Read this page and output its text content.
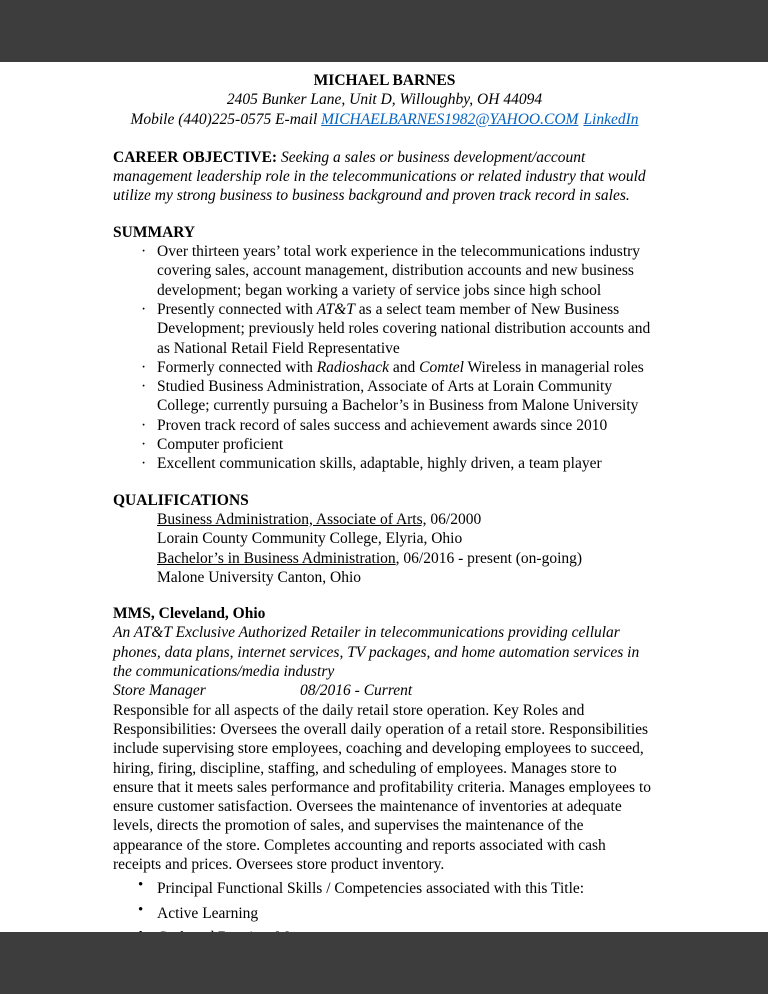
MICHAEL BARNES
2405 Bunker Lane, Unit D, Willoughby, OH 44094
Mobile (440)225-0575 E-mail MICHAELBARNES1982@YAHOO.COM LinkedIn

CAREER OBJECTIVE: Seeking a sales or business development/account management leadership role in the telecommunications or related industry that would utilize my strong business to business background and proven track record in sales.

SUMMARY
· Over thirteen years’ total work experience in the telecommunications industry covering sales, account management, distribution accounts and new business development; began working a variety of service jobs since high school
· Presently connected with AT&T as a select team member of New Business Development; previously held roles covering national distribution accounts and as National Retail Field Representative
· Formerly connected with Radioshack and Comtel Wireless in managerial roles
· Studied Business Administration, Associate of Arts at Lorain Community College; currently pursuing a Bachelor’s in Business from Malone University
· Proven track record of sales success and achievement awards since 2010
· Computer proficient
· Excellent communication skills, adaptable, highly driven, a team player
QUALIFICATIONS
Business Administration, Associate of Arts, 06/2000
Lorain County Community College, Elyria, Ohio
Bachelor’s in Business Administration, 06/2016 - present (on-going)
Malone University Canton, Ohio
MMS, Cleveland, Ohio

An AT&T Exclusive Authorized Retailer in telecommunications providing cellular phones, data plans, internet services, TV packages, and home automation services in the communications/media industry

Store Manager	08/2016 - Current

Responsible for all aspects of the daily retail store operation. Key Roles and Responsibilities: Oversees the overall daily operation of a retail store. Responsibilities include supervising store employees, coaching and developing employees to succeed, hiring, firing, discipline, staffing, and scheduling of employees. Manages store to ensure that it meets sales performance and profitability criteria. Manages employees to ensure customer satisfaction. Oversees the maintenance of inventories at adequate levels, directs the promotion of sales, and supervises the maintenance of the appearance of the store. Completes accounting and reports associated with cash receipts and prices. Oversees store product inventory.

• Principal Functional Skills / Competencies associated with this Title:
• Active Learning
